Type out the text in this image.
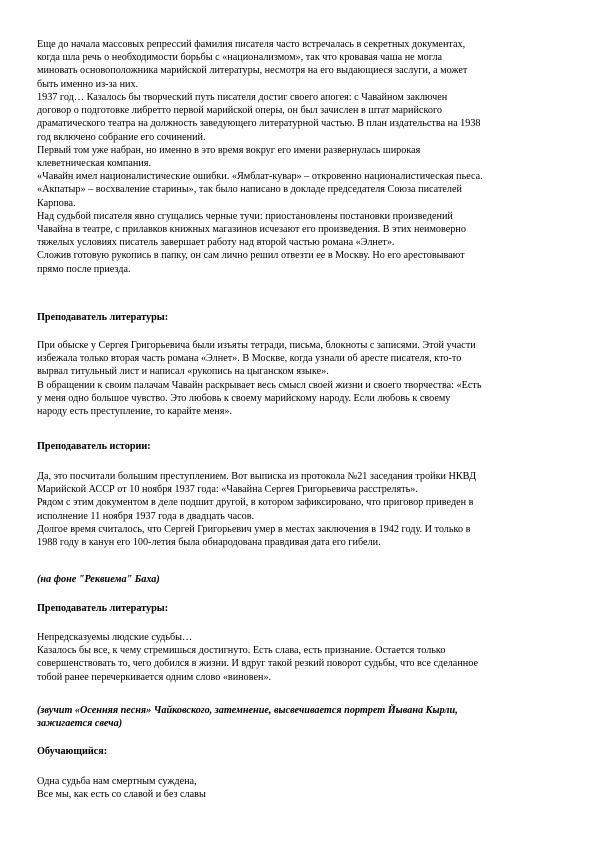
Еще до начала массовых репрессий фамилия писателя часто встречалась в секретных документах,
когда шла речь о необходимости борьбы с «национализмом», так что кровавая чаша не могла
миновать основоположника марийской литературы, несмотря на его выдающиеся заслуги, а может
быть именно из-за них.
1937 год… Казалось бы творческий путь писателя достиг своего апогея: с Чавайном заключен
договор о подготовке либретто первой марийской оперы, он был зачислен в штат марийского
драматического театра на должность заведующего литературной частью. В план издательства на 1938
год включено собрание его сочинений.
Первый том уже набран, но именно в это время вокруг его имени развернулась широкая
клеветническая компания.
«Чавайн имел националистические ошибки. «Ямблат-кувар» – откровенно националистическая пьеса.
«Акпатыр» – восхваление старины», так было написано в докладе председателя Союза писателей
Карпова.
Над судьбой писателя явно сгущались черные тучи: приостановлены постановки произведений
Чавайна в театре, с прилавков книжных магазинов исчезают его произведения. В этих неимоверно
тяжелых условиях писатель завершает работу над второй частью романа «Элнет».
Сложив готовую рукопись в папку, он сам лично решил отвезти ее в Москву. Но его арестовывают
прямо после приезда.
Преподаватель литературы:
При обыске у Сергея Григорьевича были изъяты тетради, письма, блокноты с записями. Этой участи
избежала только вторая часть романа «Элнет». В Москве, когда узнали об аресте писателя, кто-то
вырвал титульный лист и написал «рукопись на цыганском языке».
В обращении к своим палачам Чавайн раскрывает весь смысл своей жизни и своего творчества: «Есть
у меня одно большое чувство. Это любовь к своему марийскому народу. Если любовь к своему
народу есть преступление, то карайте меня».
Преподаватель истории:
Да, это посчитали большим преступлением. Вот выписка из протокола №21 заседания тройки НКВД
Марийской АССР от 10 ноября 1937 года: «Чавайна Сергея Григорьевича расстрелять».
Рядом с этим документом в деле подшит другой, в котором зафиксировано, что приговор приведен в
исполнение 11 ноября 1937 года в двадцать часов.
Долгое время считалось, что Сергей Григорьевич умер в местах заключения в 1942 году. И только в
1988 году в канун его 100-летия была обнародована правдивая дата его гибели.
(на фоне "Реквиема" Баха)
Преподаватель литературы:
Непредсказуемы людские судьбы…
Казалось бы все, к чему стремишься достигнуто. Есть слава, есть признание. Остается только
совершенствовать то, чего добился в жизни. И вдруг такой резкий поворот судьбы, что все сделанное
тобой ранее перечеркивается одним слово «виновен».
(звучит «Осенняя песня» Чайковского, затемнение, высвечивается портрет Йывана Кырли,
зажигается свеча)
Обучающийся:
Одна судьба нам смертным суждена,
Все мы, как есть со славой и без славы
